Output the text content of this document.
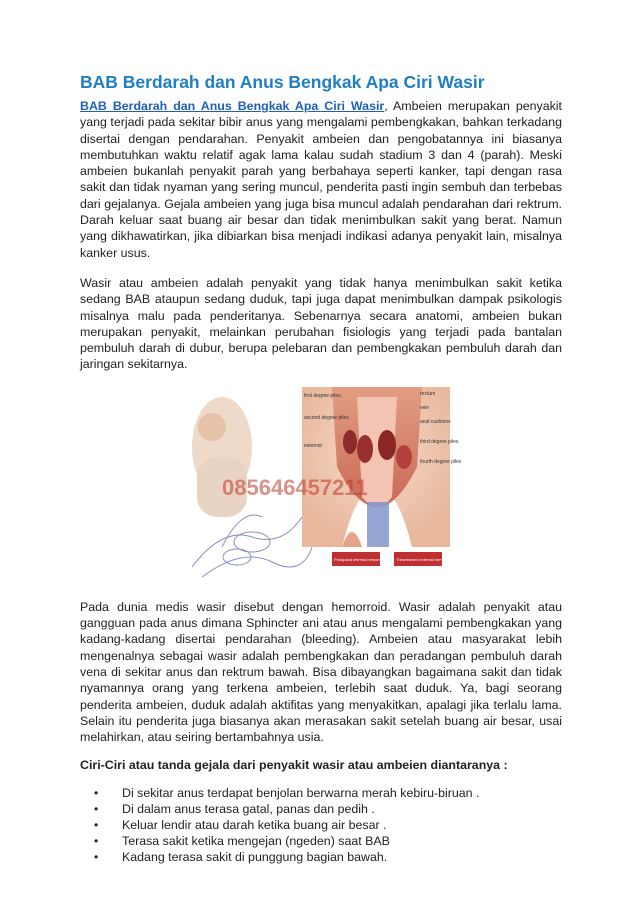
BAB Berdarah dan Anus Bengkak Apa Ciri Wasir

BAB Berdarah dan Anus Bengkak Apa Ciri Wasir, Ambeien merupakan penyakit yang terjadi pada sekitar bibir anus yang mengalami pembengkakan, bahkan terkadang disertai dengan pendarahan. Penyakit ambeien dan pengobatannya ini biasanya membutuhkan waktu relatif agak lama kalau sudah stadium 3 dan 4 (parah). Meski ambeien bukanlah penyakit parah yang berbahaya seperti kanker, tapi dengan rasa sakit dan tidak nyaman yang sering muncul, penderita pasti ingin sembuh dan terbebas dari gejalanya. Gejala ambeien yang juga bisa muncul adalah pendarahan dari rektrum. Darah keluar saat buang air besar dan tidak menimbulkan sakit yang berat. Namun yang dikhawatirkan, jika dibiarkan bisa menjadi indikasi adanya penyakit lain, misalnya kanker usus.

Wasir atau ambeien adalah penyakit yang tidak hanya menimbulkan sakit ketika sedang BAB ataupun sedang duduk, tapi juga dapat menimbulkan dampak psikologis misalnya malu pada penderitanya. Sebenarnya secara anatomi, ambeien bukan merupakan penyakit, melainkan perubahan fisiologis yang terjadi pada bantalan pembuluh darah di dubur, berupa pelebaran dan pembengkakan pembuluh darah dan jaringan sekitarnya.

first degree piles
second degree piles
external
rectum
vein
anal cushions
third degree piles
fourth degree piles
Prolapsed internal hemorrhoid Thrombosed external hemorrhoid
085646457211

Pada dunia medis wasir disebut dengan hemorroid. Wasir adalah penyakit atau gangguan pada anus dimana Sphincter ani atau anus mengalami pembengkakan yang kadang-kadang disertai pendarahan (bleeding). Ambeien atau masyarakat lebih mengenalnya sebagai wasir adalah pembengkakan dan peradangan pembuluh darah vena di sekitar anus dan rektrum bawah. Bisa dibayangkan bagaimana sakit dan tidak nyamannya orang yang terkena ambeien, terlebih saat duduk. Ya, bagi seorang penderita ambeien, duduk adalah aktifitas yang menyakitkan, apalagi jika terlalu lama. Selain itu penderita juga biasanya akan merasakan sakit setelah buang air besar, usai melahirkan, atau seiring bertambahnya usia.

Ciri-Ciri atau tanda gejala dari penyakit wasir atau ambeien diantaranya :
• Di sekitar anus terdapat benjolan berwarna merah kebiru-biruan .
• Di dalam anus terasa gatal, panas dan pedih .
• Keluar lendir atau darah ketika buang air besar .
• Terasa sakit ketika mengejan (ngeden) saat BAB
• Kadang terasa sakit di punggung bagian bawah.
